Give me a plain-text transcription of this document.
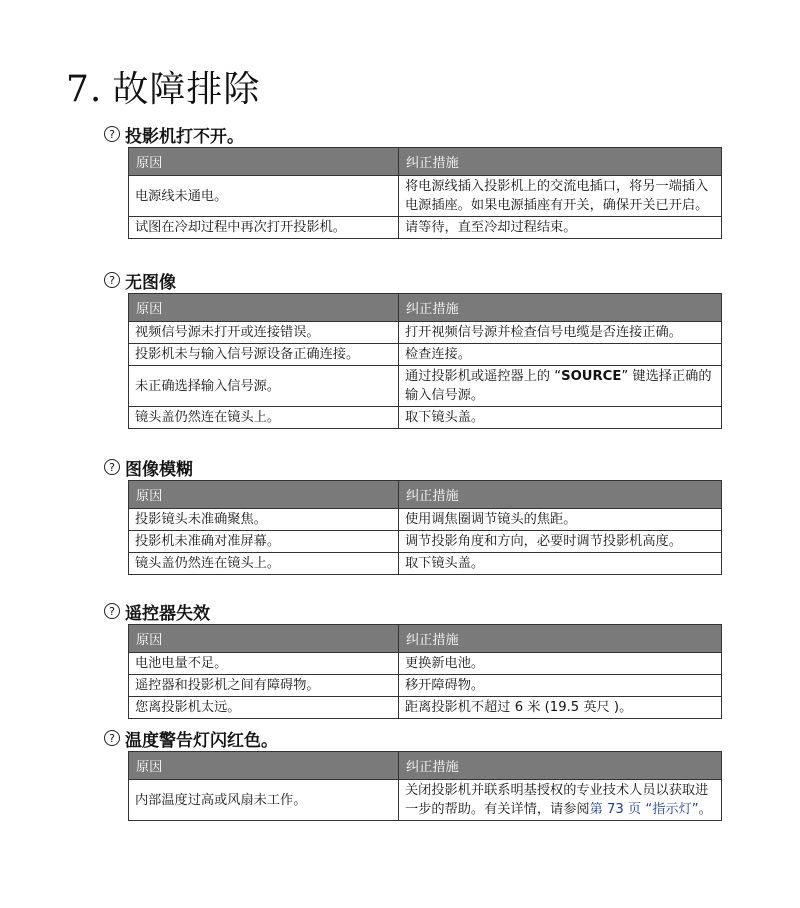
7. 故障排除
? 投影机打不开。
原因	纠正措施
电源线未通电。	将电源线插入投影机上的交流电插口，将另一端插入电源插座。如果电源插座有开关，确保开关已开启。
试图在冷却过程中再次打开投影机。	请等待，直至冷却过程结束。
? 无图像
原因	纠正措施
视频信号源未打开或连接错误。	打开视频信号源并检查信号电缆是否连接正确。
投影机未与输入信号源设备正确连接。	检查连接。
未正确选择输入信号源。	通过投影机或遥控器上的 “SOURCE” 键选择正确的输入信号源。
镜头盖仍然连在镜头上。	取下镜头盖。
? 图像模糊
原因	纠正措施
投影镜头未准确聚焦。	使用调焦圈调节镜头的焦距。
投影机未准确对准屏幕。	调节投影角度和方向，必要时调节投影机高度。
镜头盖仍然连在镜头上。	取下镜头盖。
? 遥控器失效
原因	纠正措施
电池电量不足。	更换新电池。
遥控器和投影机之间有障碍物。	移开障碍物。
您离投影机太远。	距离投影机不超过 6 米 (19.5 英尺 )。
? 温度警告灯闪红色。
原因	纠正措施
内部温度过高或风扇未工作。	关闭投影机并联系明基授权的专业技术人员以获取进一步的帮助。有关详情，请参阅第 73 页 “指示灯”。
